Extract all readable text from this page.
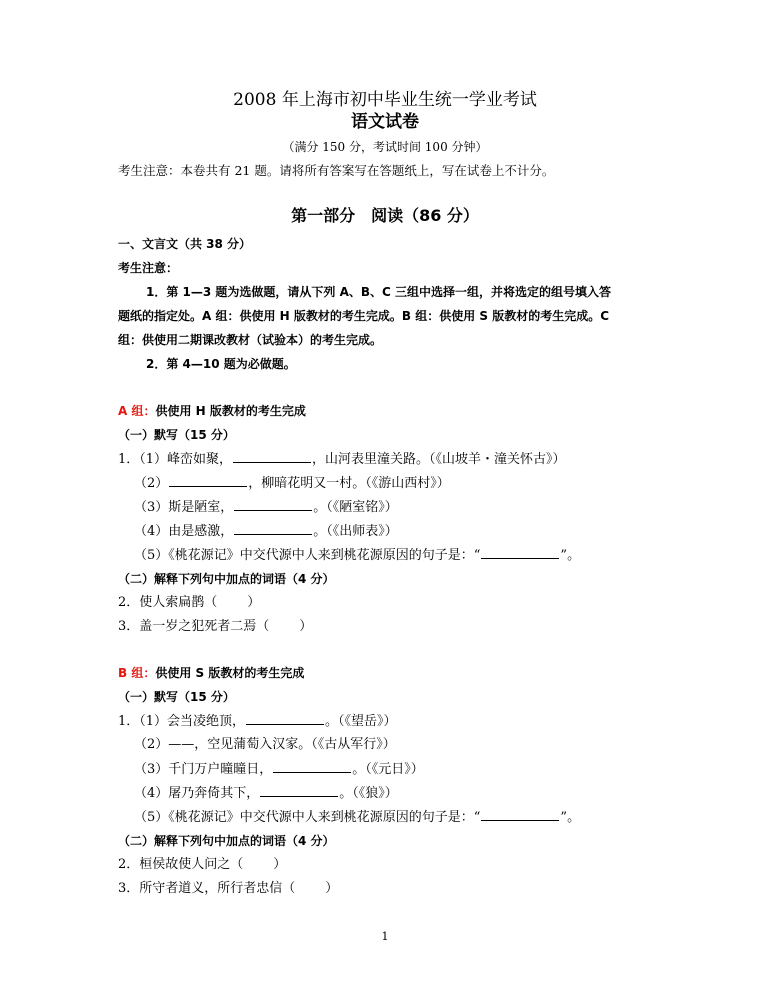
2008 年上海市初中毕业生统一学业考试
语文试卷
（满分 150 分，考试时间 100 分钟）
考生注意：本卷共有 21 题。请将所有答案写在答题纸上，写在试卷上不计分。
第一部分　阅读（86 分）
一、文言文（共 38 分）
考生注意：
1．第 1—3 题为选做题，请从下列 A、B、C 三组中选择一组，并将选定的组号填入答
题纸的指定处。A 组：供使用 H 版教材的考生完成。B 组：供使用 S 版教材的考生完成。C
组：供使用二期课改教材（试验本）的考生完成。
2．第 4—10 题为必做题。
A 组：供使用 H 版教材的考生完成
（一）默写（15 分）
1．（1）峰峦如聚，	，山河表里潼关路。（《山坡羊・潼关怀古》）
（2）	，柳暗花明又一村。（《游山西村》）
（3）斯是陋室，	。（《陋室铭》）
（4）由是感激，	。（《出师表》）
（5）《桃花源记》中交代源中人来到桃花源原因的句子是：“	”。
（二）解释下列句中加点的词语（4 分）
2．使人索扁鹊（ ）
3．盖一岁之犯死者二焉（ ）
B 组：供使用 S 版教材的考生完成
（一）默写（15 分）
1．（1）会当凌绝顶，	。（《望岳》）
（2）——，空见蒲萄入汉家。（《古从军行》）
（3）千门万户曈曈日，	。（《元日》）
（4）屠乃奔倚其下，	。（《狼》）
（5）《桃花源记》中交代源中人来到桃花源原因的句子是：“	”。
（二）解释下列句中加点的词语（4 分）
2．桓侯故使人问之（ ）
3．所守者道义，所行者忠信（ ）
1
